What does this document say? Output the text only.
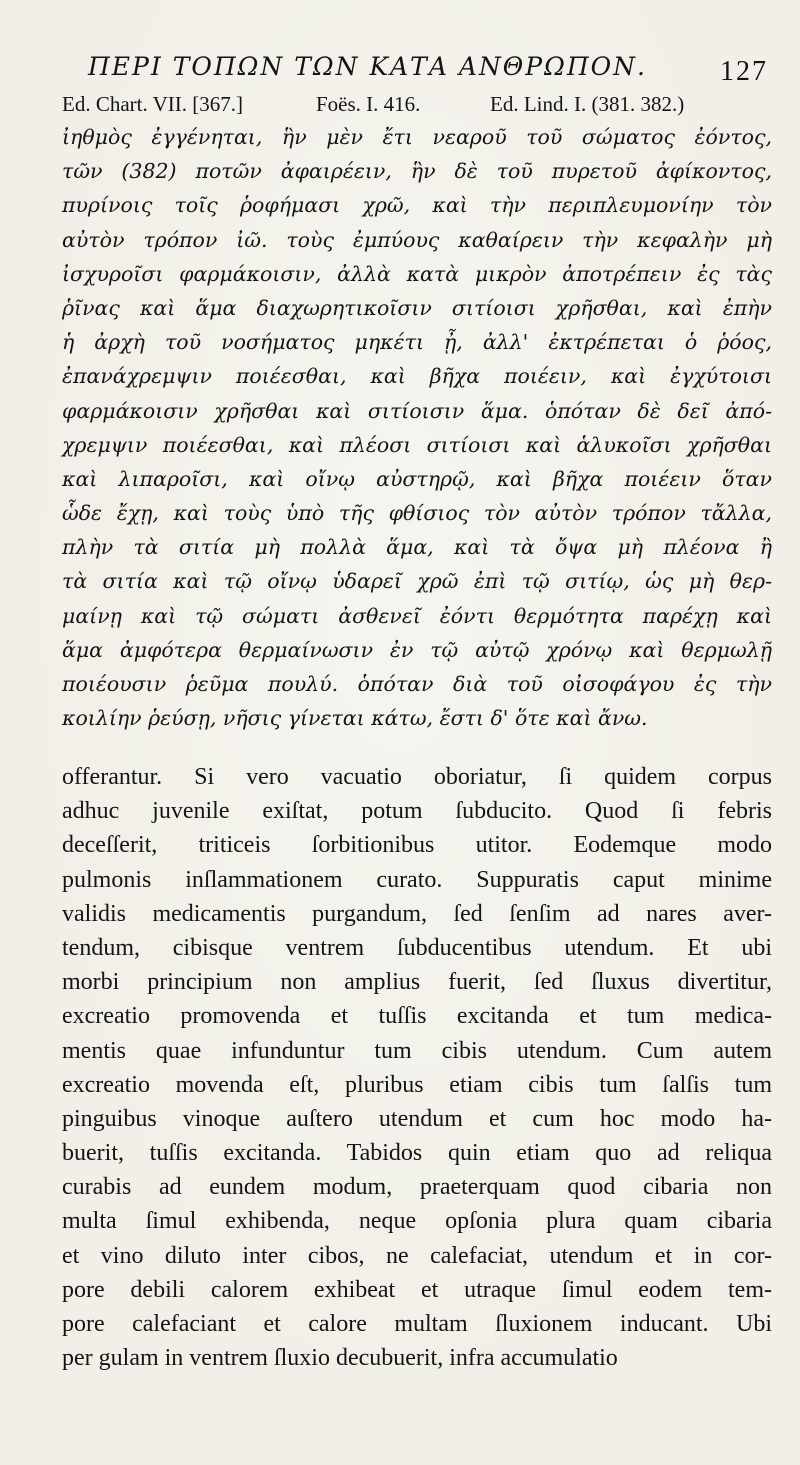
ΠΕΡΙ ΤΟΠΩΝ ΤΩΝ ΚΑΤΑ ΑΝΘΡΩΠΟΝ.	127
Ed. Chart. VII. [367.]	Foës. I. 416.	Ed. Lind. I. (381. 382.)
ἰηθμὸς ἐγγένηται, ἣν μὲν ἔτι νεαροῦ τοῦ σώματος ἐόντος,
τῶν (382) ποτῶν ἀφαιρέειν, ἣν δὲ τοῦ πυρετοῦ ἀφίκοντος,
πυρίνοις τοῖς ῥοφήμασι χρῶ, καὶ τὴν περιπλευμονίην τὸν
αὐτὸν τρόπον ἰῶ. τοὺς ἐμπύους καθαίρειν τὴν κεφαλὴν μὴ
ἰσχυροῖσι φαρμάκοισιν, ἀλλὰ κατὰ μικρὸν ἀποτρέπειν ἐς τὰς
ῥῖνας καὶ ἅμα διαχωρητικοῖσιν σιτίοισι χρῆσθαι, καὶ ἐπὴν
ἡ ἀρχὴ τοῦ νοσήματος μηκέτι ᾖ, ἀλλ' ἐκτρέπεται ὁ ῥόος,
ἐπανάχρεμψιν ποιέεσθαι, καὶ βῆχα ποιέειν, καὶ ἐγχύτοισι
φαρμάκοισιν χρῆσθαι καὶ σιτίοισιν ἅμα. ὁπόταν δὲ δεῖ ἀπό-
χρεμψιν ποιέεσθαι, καὶ πλέοσι σιτίοισι καὶ ἁλυκοῖσι χρῆσθαι
καὶ λιπαροῖσι, καὶ οἴνῳ αὐστηρῷ, καὶ βῆχα ποιέειν ὅταν
ὧδε ἔχῃ, καὶ τοὺς ὑπὸ τῆς φθίσιος τὸν αὐτὸν τρόπον τἄλλα,
πλὴν τὰ σιτία μὴ πολλὰ ἅμα, καὶ τὰ ὄψα μὴ πλέονα ἢ
τὰ σιτία καὶ τῷ οἴνῳ ὑδαρεῖ χρῶ ἐπὶ τῷ σιτίῳ, ὡς μὴ θερ-
μαίνῃ καὶ τῷ σώματι ἀσθενεῖ ἐόντι θερμότητα παρέχῃ καὶ
ἅμα ἀμφότερα θερμαίνωσιν ἐν τῷ αὐτῷ χρόνῳ καὶ θερμωλῇ
ποιέουσιν ῥεῦμα πουλύ. ὁπόταν διὰ τοῦ οἰσοφάγου ἐς τὴν
κοιλίην ῥεύσῃ, νῆσις γίνεται κάτω, ἔστι δ' ὅτε καὶ ἄνω.
offerantur. Si vero vacuatio oboriatur, ſi quidem corpus
adhuc juvenile exiſtat, potum ſubducito. Quod ſi febris
deceſſerit, triticeis ſorbitionibus utitor. Eodemque modo
pulmonis inſlammationem curato. Suppuratis caput minime
validis medicamentis purgandum, ſed ſenſim ad nares aver-
tendum, cibisque ventrem ſubducentibus utendum. Et ubi
morbi principium non amplius fuerit, ſed ſluxus divertitur,
excreatio promovenda et tuſſis excitanda et tum medica-
mentis quae infunduntur tum cibis utendum. Cum autem
excreatio movenda eſt, pluribus etiam cibis tum ſalſis tum
pinguibus vinoque auſtero utendum et cum hoc modo ha-
buerit, tuſſis excitanda. Tabidos quin etiam quo ad reliqua
curabis ad eundem modum, praeterquam quod cibaria non
multa ſimul exhibenda, neque opſonia plura quam cibaria
et vino diluto inter cibos, ne calefaciat, utendum et in cor-
pore debili calorem exhibeat et utraque ſimul eodem tem-
pore calefaciant et calore multam ſluxionem inducant. Ubi
per gulam in ventrem ſluxio decubuerit, infra accumulatio
